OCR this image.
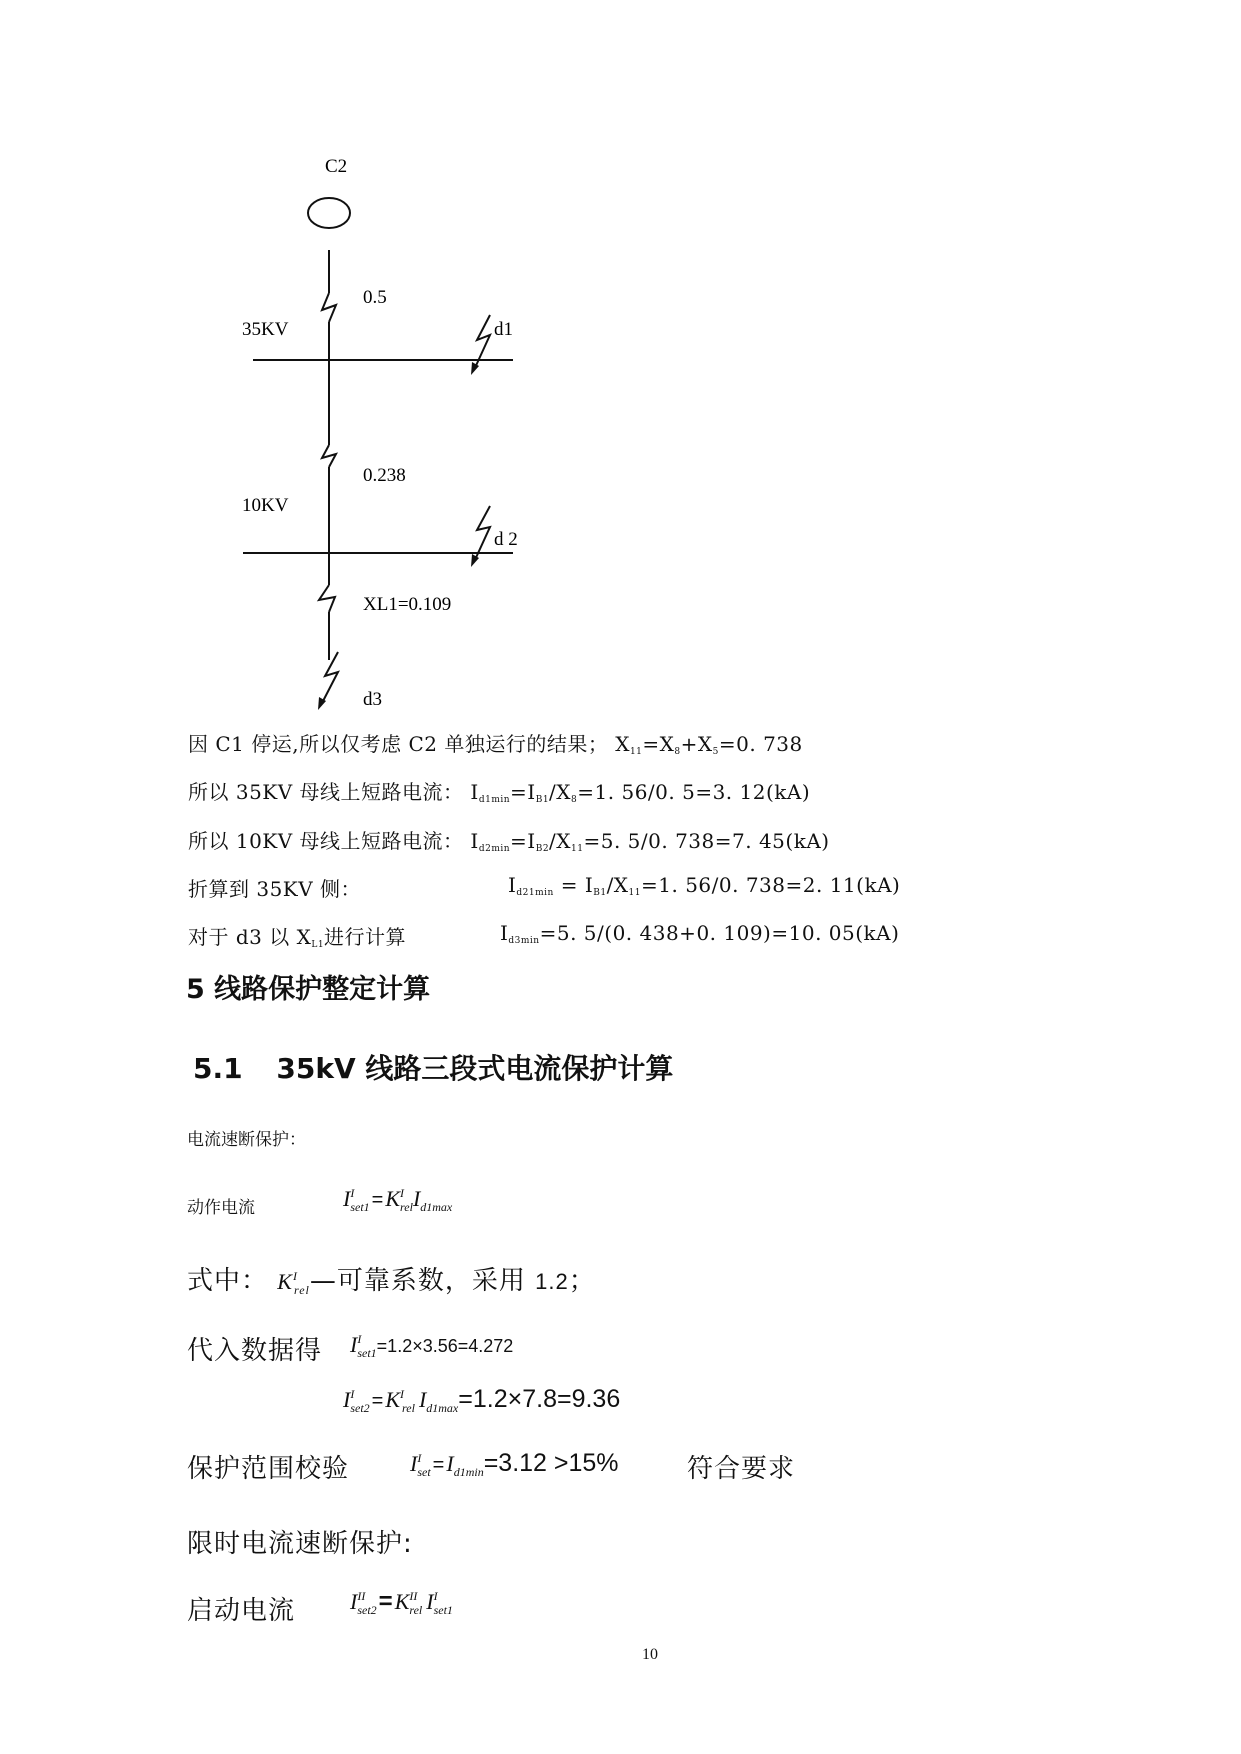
C2
0.5
35KV	d1
0.238
10KV
d 2
XL1=0.109
d3
因 C1 停运,所以仅考虑 C2 单独运行的结果； $X_{11}=X_8+X_5=0$. 738
所以 35KV 母线上短路电流： $I_{d1min}=I_{B1}/X_8=1$. 56/0. 5=3. 12(kA)
所以 10KV 母线上短路电流： $I_{d2min}=I_{B2}/X_{11}=5$. 5/0. 738=7. 45(kA)
折算到 35KV 侧：	$I_{d21min} = I_{B1}/X_{11}=1$. 56/0. 738=2. 11(kA)
对于 d3 以 $X_{L1}$进行计算	$I_{d3min}=5$. 5/(0. 438+0. 109)=10. 05(kA)
5 线路保护整定计算
5.1 35kV 线路三段式电流保护计算
电流速断保护：
动作电流	$I^I_{set1} =K^I_{rel}I_{d1max}$
式中： $K^I_{rel}—$可靠系数，采用 1.2；
代入数据得 $I^I_{set1}=1.2\times 3.56=4.272$
$I^I_{set2} =K^I_{rel}$ $I_{d1max}=1.2\times 7.8=9.36$
保护范围校验	$I^I_{set} =I_{d1min}=3.12 >15\%$	符合要求
限时电流速断保护:
启动电流 $I^{II}_{set2}=K^{II}_{rel}$ $I^I_{set1}$
10
